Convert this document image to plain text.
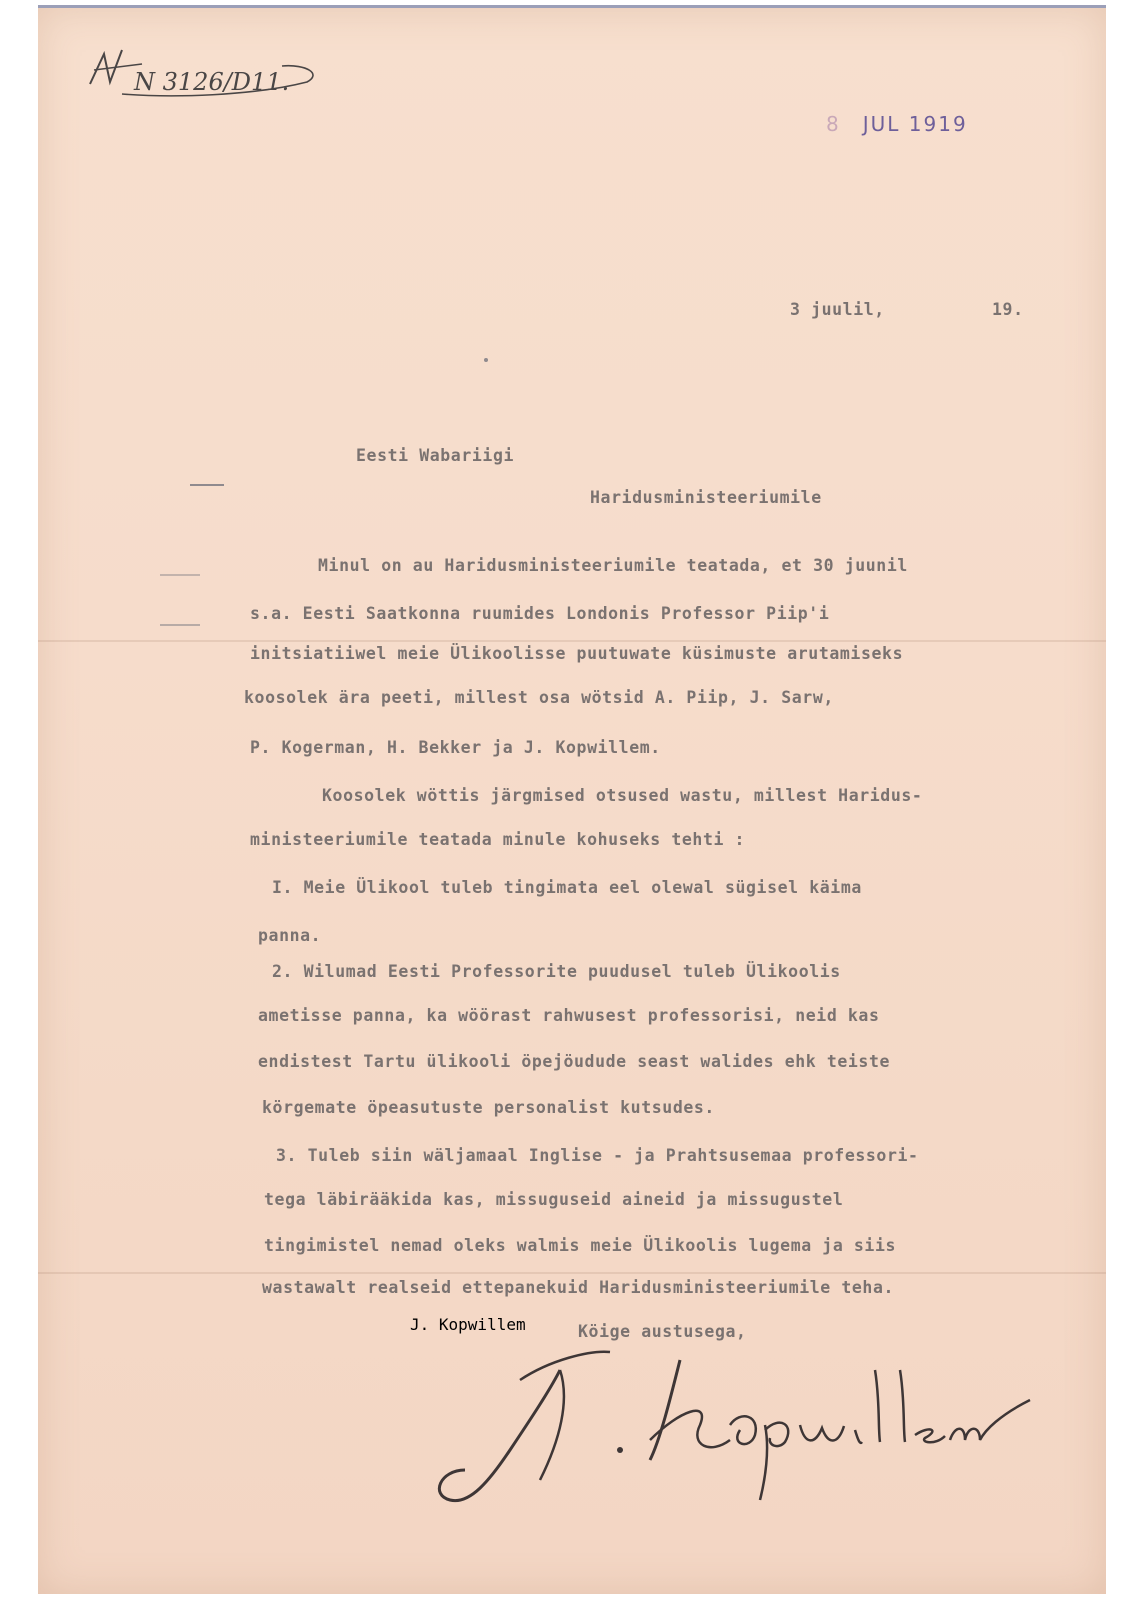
N 3126/D11.
8 JUL 1919
3 juulil,	19.
Eesti Wabariigi
Haridusministeeriumile
Minul on au Haridusministeeriumile teatada, et 30 juunil
s.a. Eesti Saatkonna ruumides Londonis Professor Piip'i
initsiatiiwel meie Ülikoolisse puutuwate küsimuste arutamiseks
koosolek ära peeti, millest osa wötsid A. Piip, J. Sarw,
P. Kogerman, H. Bekker ja J. Kopwillem.
Koosolek wöttis järgmised otsused wastu, millest Haridus-
ministeeriumile teatada minule kohuseks tehti :
I. Meie Ülikool tuleb tingimata eel olewal sügisel käima
panna.
2. Wilumad Eesti Professorite puudusel tuleb Ülikoolis
ametisse panna, ka wöörast rahwusest professorisi, neid kas
endistest Tartu ülikooli öpejöudude seast walides ehk teiste
körgemate öpeasutuste personalist kutsudes.
3. Tuleb siin wäljamaal Inglise - ja Prahtsusemaa professori-
tega läbirääkida kas, missuguseid aineid ja missugustel
tingimistel nemad oleks walmis meie Ülikoolis lugema ja siis
wastawalt realseid ettepanekuid Haridusministeeriumile teha.
Köige austusega,
J. Kopwillem
